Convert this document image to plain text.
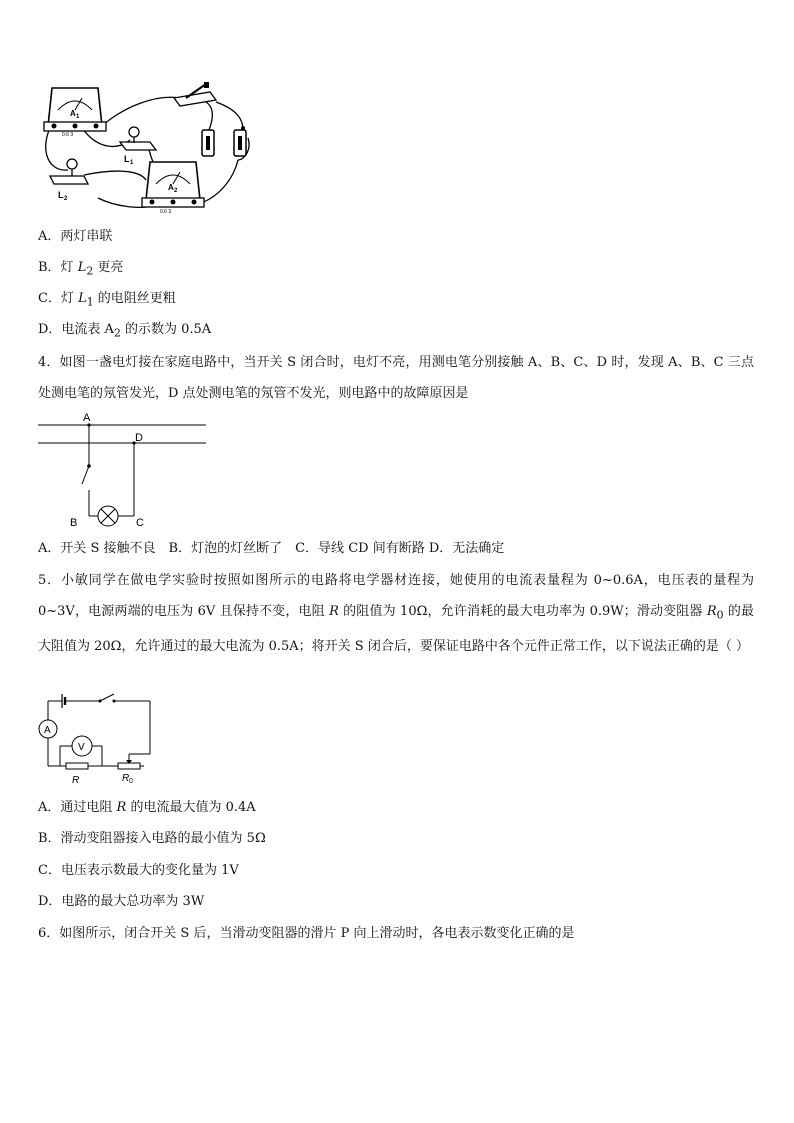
A 1
0.6 3
L 1
L 2
A 2
0.6 3
A．两灯串联
B．灯 $L_2$ 更亮
C．灯 $L_1$ 的电阻丝更粗
D．电流表 $A_2$ 的示数为 0.5A
4．如图一盏电灯接在家庭电路中，当开关 S 闭合时，电灯不亮，用测电笔分别接触 A、B、C、D 时，发现 A、B、C 三点处测电笔的氖管发光，D 点处测电笔的氖管不发光，则电路中的故障原因是
A
D
B	C
A．开关 S 接触不良　B．灯泡的灯丝断了　C．导线 CD 间有断路 D．无法确定
5．小敏同学在做电学实验时按照如图所示的电路将电学器材连接，她使用的电流表量程为 0~0.6A，电压表的量程为 0~3V，电源两端的电压为 6V 且保持不变，电阻 R 的阻值为 10Ω，允许消耗的最大电功率为 0.9W；滑动变阻器 $R_0$ 的最大阻值为 20Ω，允许通过的最大电流为 0.5A；将开关 S 闭合后，要保证电路中各个元件正常工作，以下说法正确的是（ ）
A
V
R	R 0
A．通过电阻 R 的电流最大值为 0.4A
B．滑动变阻器接入电路的最小值为 5Ω
C．电压表示数最大的变化量为 1V
D．电路的最大总功率为 3W
6．如图所示，闭合开关 S 后，当滑动变阻器的滑片 P 向上滑动时，各电表示数变化正确的是
